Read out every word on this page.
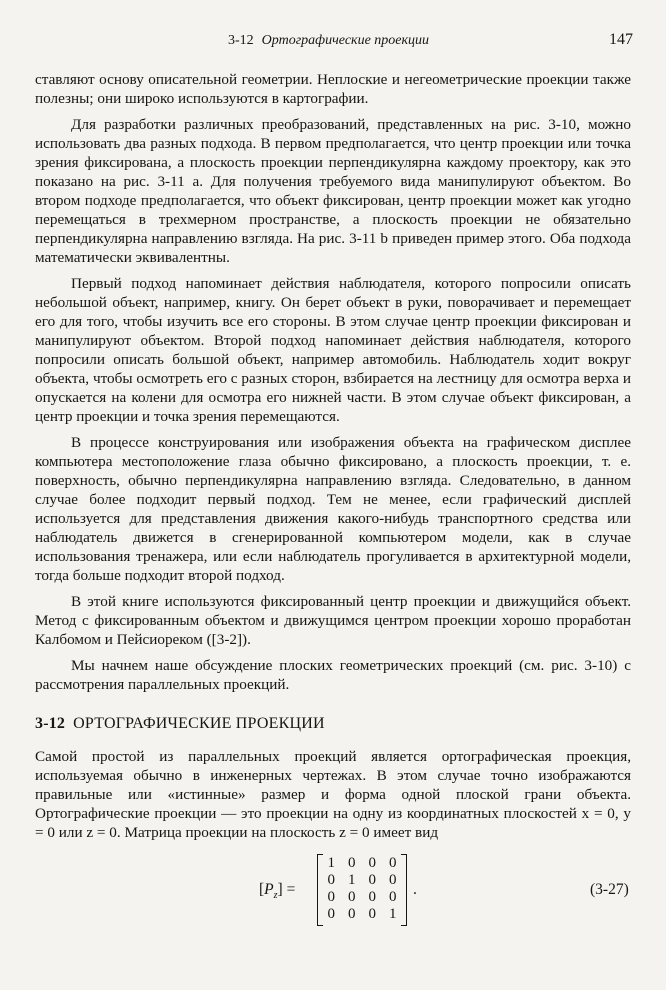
3-12 Ортографические проекции	147

ставляют основу описательной геометрии. Неплоские и негеометрические проекции также полезны; они широко используются в картографии.

Для разработки различных преобразований, представленных на рис. 3-10, можно использовать два разных подхода. В первом предполагается, что центр проекции или точка зрения фиксирована, а плоскость проекции перпендикулярна каждому проектору, как это показано на рис. 3-11 a. Для получения требуемого вида манипулируют объектом. Во втором подходе предполагается, что объект фиксирован, центр проекции может как угодно перемещаться в трехмерном пространстве, а плоскость проекции не обязательно перпендикулярна направлению взгляда. На рис. 3-11 b приведен пример этого. Оба подхода математически эквивалентны.

Первый подход напоминает действия наблюдателя, которого попросили описать небольшой объект, например, книгу. Он берет объект в руки, поворачивает и перемещает его для того, чтобы изучить все его стороны. В этом случае центр проекции фиксирован и манипулируют объектом. Второй подход напоминает действия наблюдателя, которого попросили описать большой объект, например автомобиль. Наблюдатель ходит вокруг объекта, чтобы осмотреть его с разных сторон, взбирается на лестницу для осмотра верха и опускается на колени для осмотра его нижней части. В этом случае объект фиксирован, а центр проекции и точка зрения перемещаются.

В процессе конструирования или изображения объекта на графическом дисплее компьютера местоположение глаза обычно фиксировано, а плоскость проекции, т. е. поверхность, обычно перпендикулярна направлению взгляда. Следовательно, в данном случае более подходит первый подход. Тем не менее, если графический дисплей используется для представления движения какого-нибудь транспортного средства или наблюдатель движется в сгенерированной компьютером модели, как в случае использования тренажера, или если наблюдатель прогуливается в архитектурной модели, тогда больше подходит второй подход.

В этой книге используются фиксированный центр проекции и движущийся объект. Метод с фиксированным объектом и движущимся центром проекции хорошо проработан Калбомом и Пейсиореком ([3-2]).

Мы начнем наше обсуждение плоских геометрических проекций (см. рис. 3-10) с рассмотрения параллельных проекций.

3-12 ОРТОГРАФИЧЕСКИЕ ПРОЕКЦИИ

Самой простой из параллельных проекций является ортографическая проекция, используемая обычно в инженерных чертежах. В этом случае точно изображаются правильные или «истинные» размер и форма одной плоской грани объекта. Ортографические проекции — это проекции на одну из координатных плоскостей x = 0, y = 0 или z = 0. Матрица проекции на плоскость z = 0 имеет вид

$[P_z]$ =
1	0	0	0
0	1	0	0
0	0	0	0
0	0	0	1
.	(3-27)
